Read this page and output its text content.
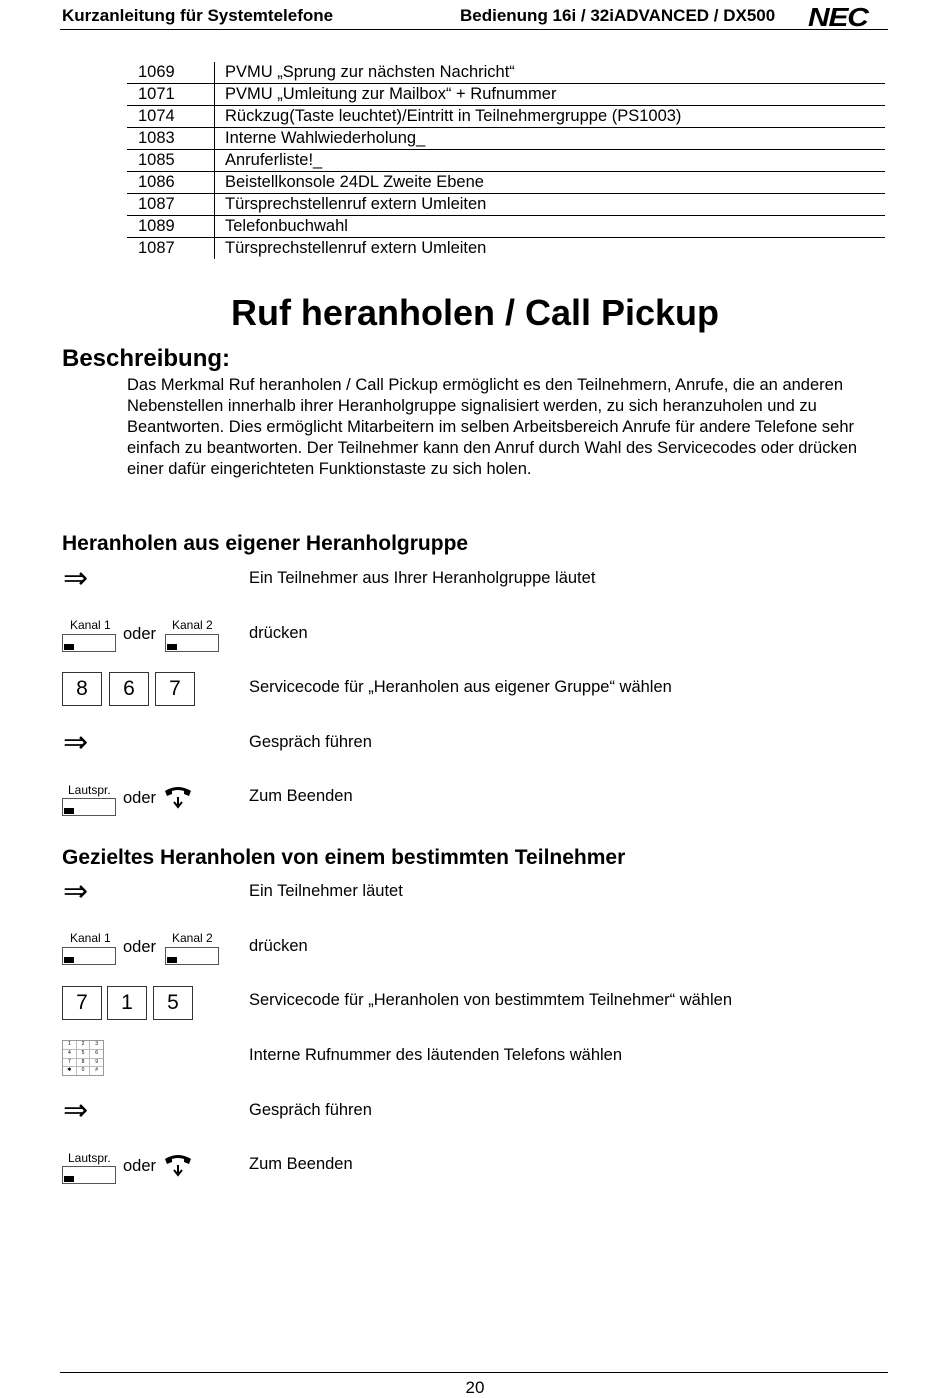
Kurzanleitung für Systemtelefone	Bedienung 16i / 32iADVANCED / DX500 NEC
1069	PVMU „Sprung zur nächsten Nachricht“
1071	PVMU „Umleitung zur Mailbox“ + Rufnummer
1074	Rückzug(Taste leuchtet)/Eintritt in Teilnehmergruppe (PS1003)
1083	Interne Wahlwiederholung_
1085	Anruferliste!_
1086	Beistellkonsole 24DL Zweite Ebene
1087	Türsprechstellenruf extern Umleiten
1089	Telefonbuchwahl
1087	Türsprechstellenruf extern Umleiten
Ruf heranholen / Call Pickup
Beschreibung:
Das Merkmal Ruf heranholen / Call Pickup ermöglicht es den Teilnehmern, Anrufe, die an anderen Nebenstellen innerhalb ihrer Heranholgruppe signalisiert werden, zu sich heranzuholen und zu Beantworten. Dies ermöglicht Mitarbeitern im selben Arbeitsbereich Anrufe für andere Telefone sehr einfach zu beantworten. Der Teilnehmer kann den Anruf durch Wahl des Servicecodes oder drücken einer dafür eingerichteten Funktionstaste zu sich holen.
Heranholen aus eigener Heranholgruppe
⇒	Ein Teilnehmer aus Ihrer Heranholgruppe läutet
Kanal 1 oder Kanal 2 drücken
8	6	7	Servicecode für „Heranholen aus eigener Gruppe“ wählen
⇒	Gespräch führen
Lautspr. oder	Zum Beenden
Gezieltes Heranholen von einem bestimmten Teilnehmer
⇒	Ein Teilnehmer läutet
Kanal 1 oder Kanal 2 drücken
7	1	5	Servicecode für „Heranholen von bestimmtem Teilnehmer“ wählen
1	2	3
4	5	6
7	8	9
✱	0	#
Interne Rufnummer des läutenden Telefons wählen
⇒	Gespräch führen
Lautspr. oder	Zum Beenden
20
